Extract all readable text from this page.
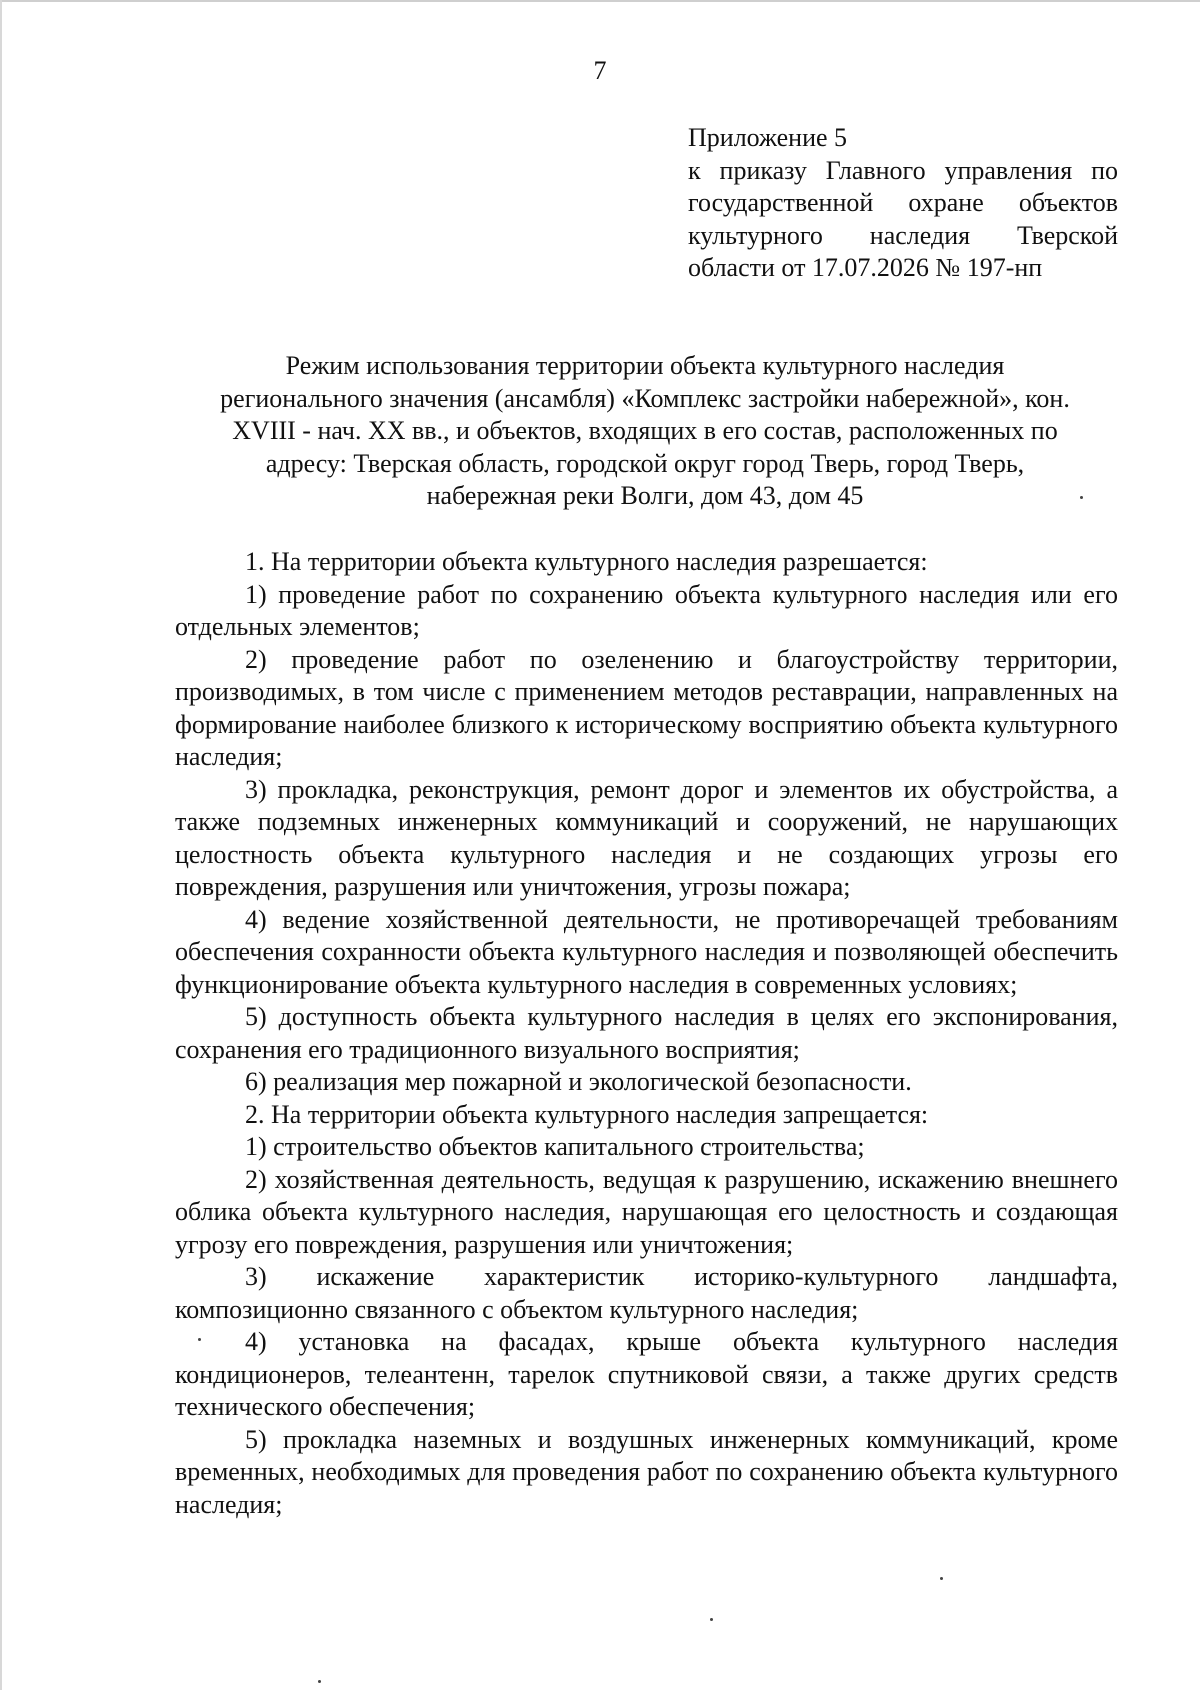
7
Приложение 5
к приказу Главного управления по
государственной охране объектов
культурного наследия Тверской
области от 17.07.2026 № 197-нп
Режим использования территории объекта культурного наследия
регионального значения (ансамбля) «Комплекс застройки набережной», кон.
XVIII - нач. XX вв., и объектов, входящих в его состав, расположенных по
адресу: Тверская область, городской округ город Тверь, город Тверь,
набережная реки Волги, дом 43, дом 45

1. На территории объекта культурного наследия разрешается:

1) проведение работ по сохранению объекта культурного наследия или его отдельных элементов;

2) проведение работ по озеленению и благоустройству территории, производимых, в том числе с применением методов реставрации, направленных на формирование наиболее близкого к историческому восприятию объекта культурного наследия;

3) прокладка, реконструкция, ремонт дорог и элементов их обустройства, а также подземных инженерных коммуникаций и сооружений, не нарушающих целостность объекта культурного наследия и не создающих угрозы его повреждения, разрушения или уничтожения, угрозы пожара;

4) ведение хозяйственной деятельности, не противоречащей требованиям обеспечения сохранности объекта культурного наследия и позволяющей обеспечить функционирование объекта культурного наследия в современных условиях;

5) доступность объекта культурного наследия в целях его экспонирования, сохранения его традиционного визуального восприятия;

6) реализация мер пожарной и экологической безопасности.

2. На территории объекта культурного наследия запрещается:

1) строительство объектов капитального строительства;

2) хозяйственная деятельность, ведущая к разрушению, искажению внешнего облика объекта культурного наследия, нарушающая его целостность и создающая угрозу его повреждения, разрушения или уничтожения;

3) искажение характеристик историко-культурного ландшафта, композиционно связанного с объектом культурного наследия;

4) установка на фасадах, крыше объекта культурного наследия кондиционеров, телеантенн, тарелок спутниковой связи, а также других средств технического обеспечения;

5) прокладка наземных и воздушных инженерных коммуникаций, кроме временных, необходимых для проведения работ по сохранению объекта культурного наследия;
